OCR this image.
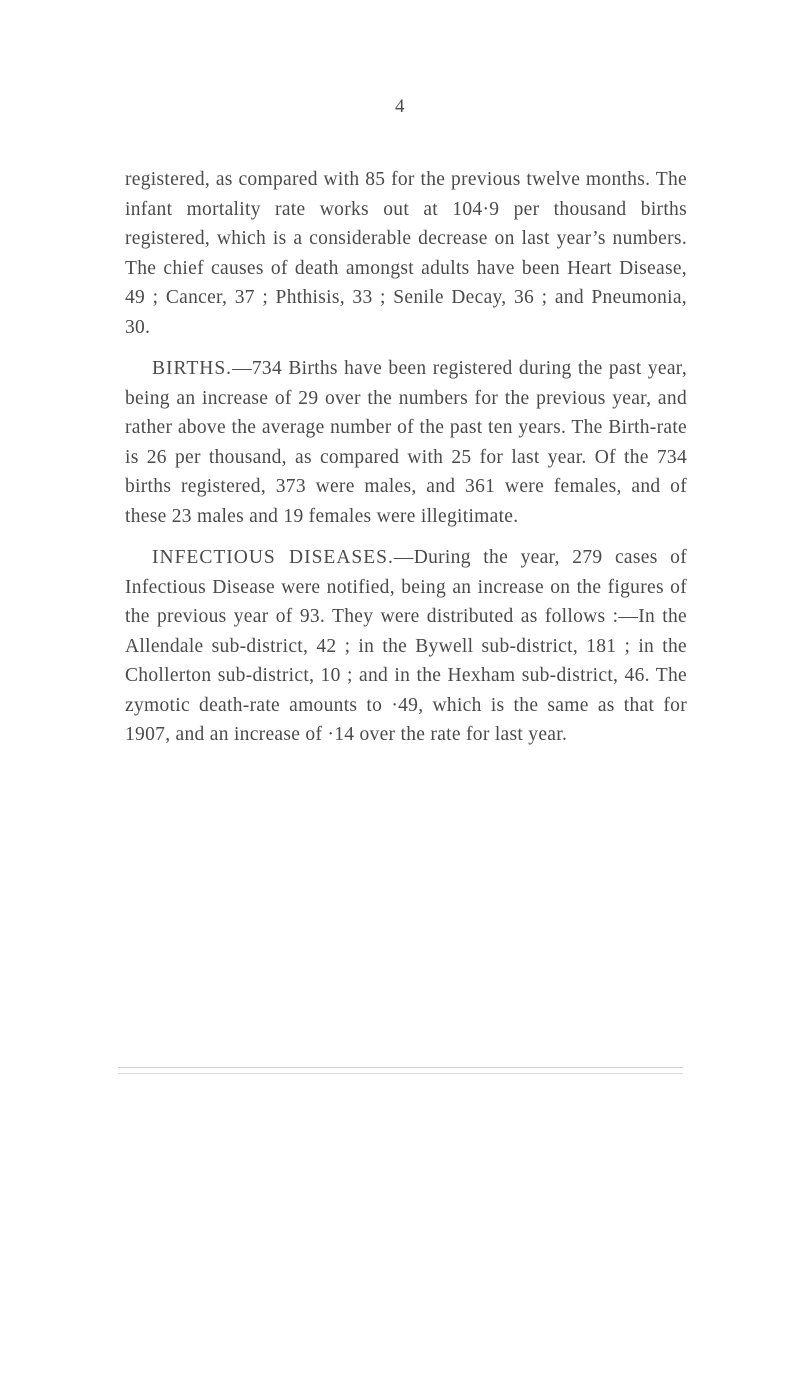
4

registered, as compared with 85 for the previous twelve months. The infant mortality rate works out at 104·9 per thousand births registered, which is a considerable decrease on last year’s numbers. The chief causes of death amongst adults have been Heart Disease, 49 ; Cancer, 37 ; Phthisis, 33 ; Senile Decay, 36 ; and Pneumonia, 30.

BIRTHS.—734 Births have been registered during the past year, being an increase of 29 over the numbers for the previous year, and rather above the average number of the past ten years. The Birth-rate is 26 per thousand, as compared with 25 for last year. Of the 734 births registered, 373 were males, and 361 were females, and of these 23 males and 19 females were illegitimate.

INFECTIOUS DISEASES.—During the year, 279 cases of Infectious Disease were notified, being an increase on the figures of the previous year of 93. They were distributed as follows :—In the Allendale sub-district, 42 ; in the Bywell sub-district, 181 ; in the Chollerton sub-district, 10 ; and in the Hexham sub-district, 46. The zymotic death-rate amounts to ·49, which is the same as that for 1907, and an increase of ·14 over the rate for last year.
